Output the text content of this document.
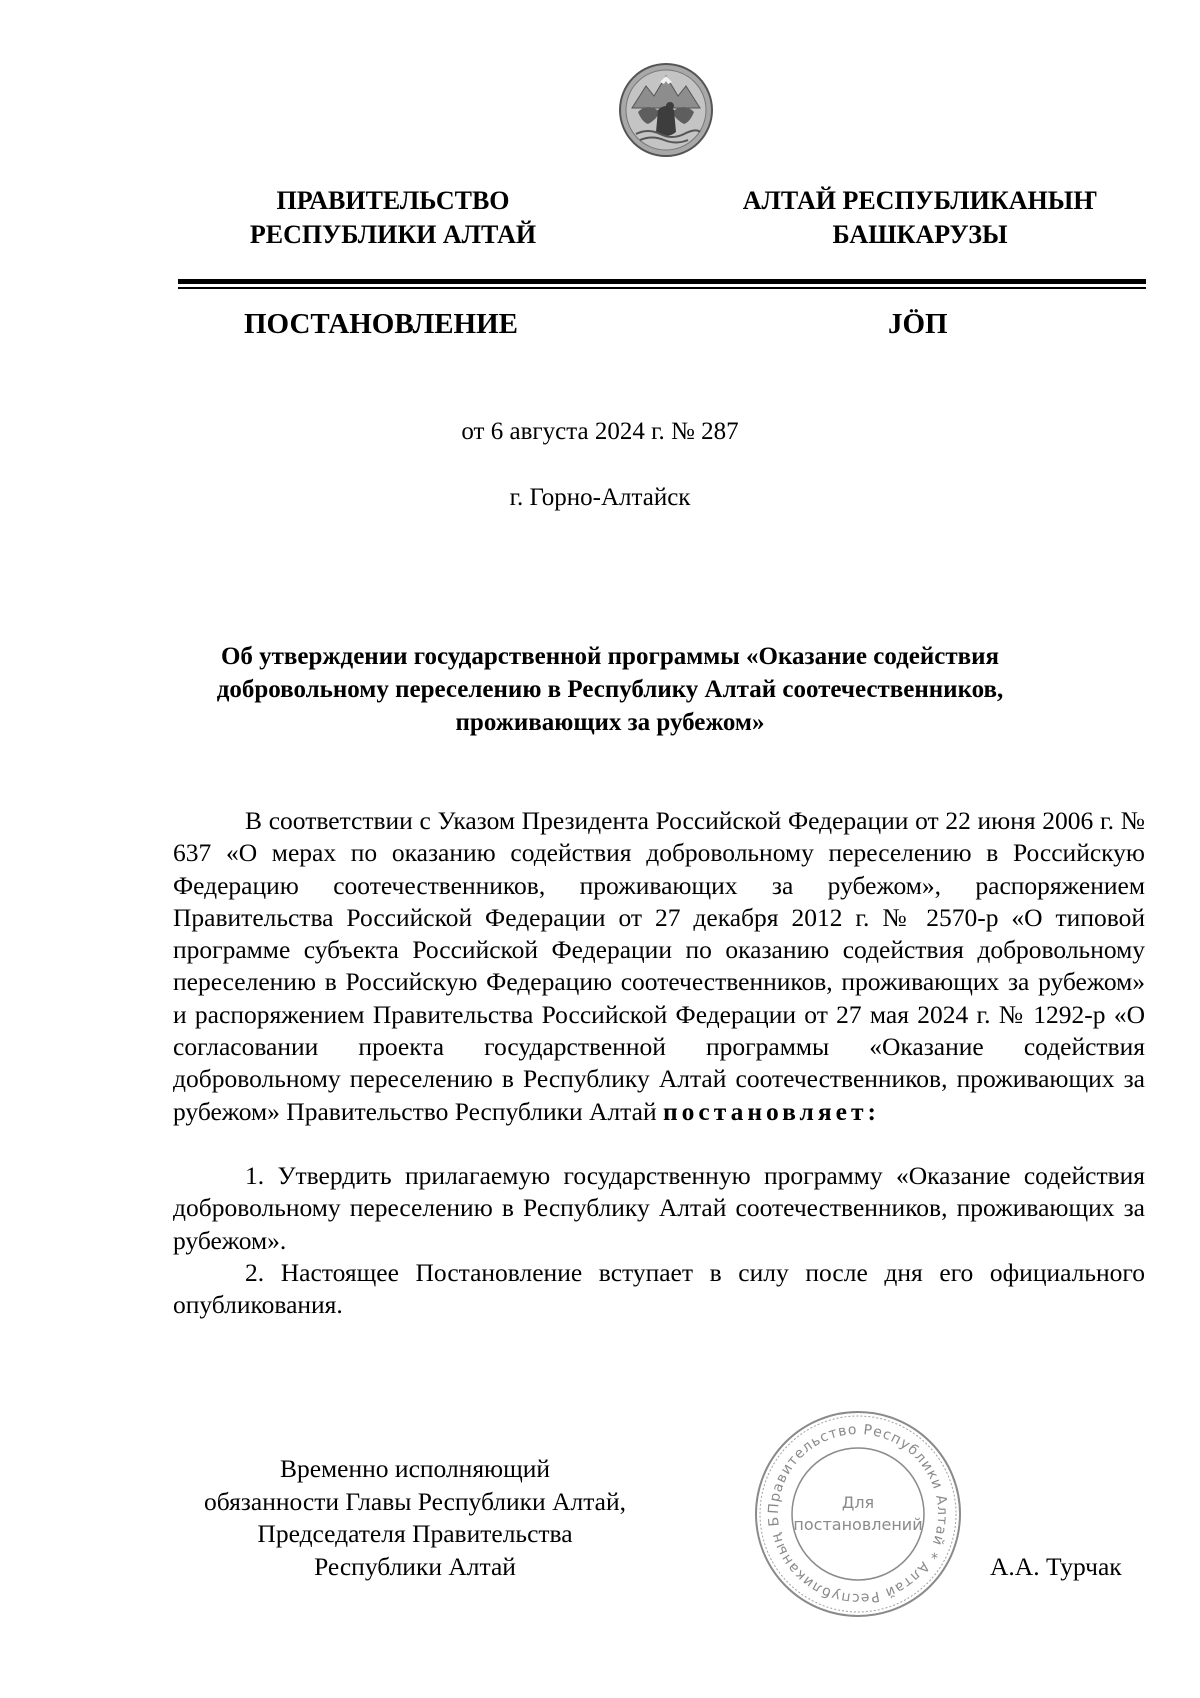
ПРАВИТЕЛЬСТВО
РЕСПУБЛИКИ АЛТАЙ
АЛТАЙ РЕСПУБЛИКАНЫҤ
БАШКАРУЗЫ
ПОСТАНОВЛЕНИЕ	JӦП
от 6 августа 2024 г. № 287
г. Горно-Алтайск
Об утверждении государственной программы «Оказание содействия
добровольному переселению в Республику Алтай соотечественников,
проживающих за рубежом»

В соответствии с Указом Президента Российской Федерации от 22 июня 2006 г. № 637 «О мерах по оказанию содействия добровольному переселению в Российскую Федерацию соотечественников, проживающих за рубежом», распоряжением Правительства Российской Федерации от 27 декабря 2012 г. № 2570-р «О типовой программе субъекта Российской Федерации по оказанию содействия добровольному переселению в Российскую Федерацию соотечественников, проживающих за рубежом» и распоряжением Правительства Российской Федерации от 27 мая 2024 г. № 1292-р «О согласовании проекта государственной программы «Оказание содействия добровольному переселению в Республику Алтай соотечественников, проживающих за рубежом» Правительство Республики Алтай постановляет:

1. Утвердить прилагаемую государственную программу «Оказание содействия добровольному переселению в Республику Алтай соотечественников, проживающих за рубежом».

2. Настоящее Постановление вступает в силу после дня его официального опубликования.

Временно исполняющий
обязанности Главы Республики Алтай,
Председателя Правительства
Республики Алтай
Правительство Республики Алтай * Алтай Республиканың Б
Для
постановлений
А.А. Турчак
